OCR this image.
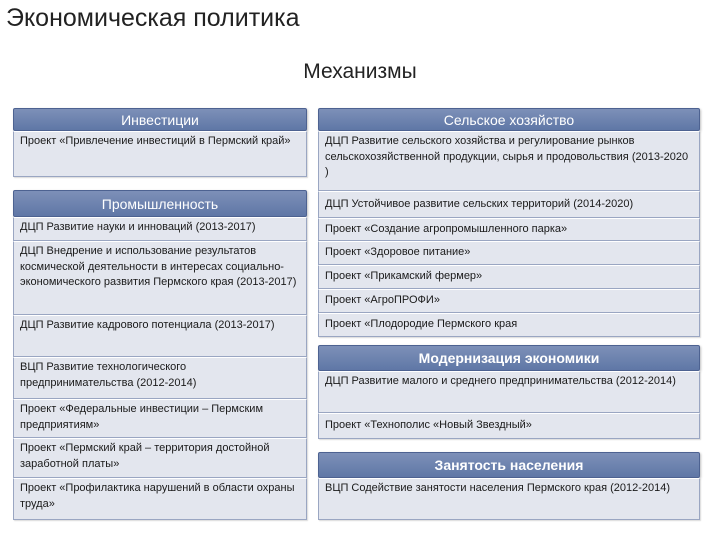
Экономическая политика
Механизмы
Инвестиции
Проект «Привлечение инвестиций в Пермский край»
Промышленность
ДЦП Развитие науки и инноваций (2013-2017)
ДЦП Внедрение и использование результатов космической деятельности в интересах социально-экономического развития Пермского края (2013-2017)
ДЦП Развитие кадрового потенциала (2013-2017)
ВЦП Развитие технологического предпринимательства (2012-2014)
Проект «Федеральные инвестиции – Пермским предприятиям»
Проект «Пермский край – территория достойной заработной платы»
Проект «Профилактика нарушений в области охраны труда»
Сельское хозяйство
ДЦП Развитие сельского хозяйства и регулирование рынков сельскохозяйственной продукции, сырья и продовольствия (2013-2020 )
ДЦП Устойчивое развитие сельских территорий (2014-2020)
Проект «Создание агропромышленного парка»
Проект «Здоровое питание»
Проект «Прикамский фермер»
Проект «АгроПРОФИ»
Проект «Плодородие Пермского края
Модернизация экономики
ДЦП Развитие малого и среднего предпринимательства (2012-2014)
Проект «Технополис «Новый Звездный»
Занятость населения
ВЦП Содействие занятости населения Пермского края (2012-2014)
